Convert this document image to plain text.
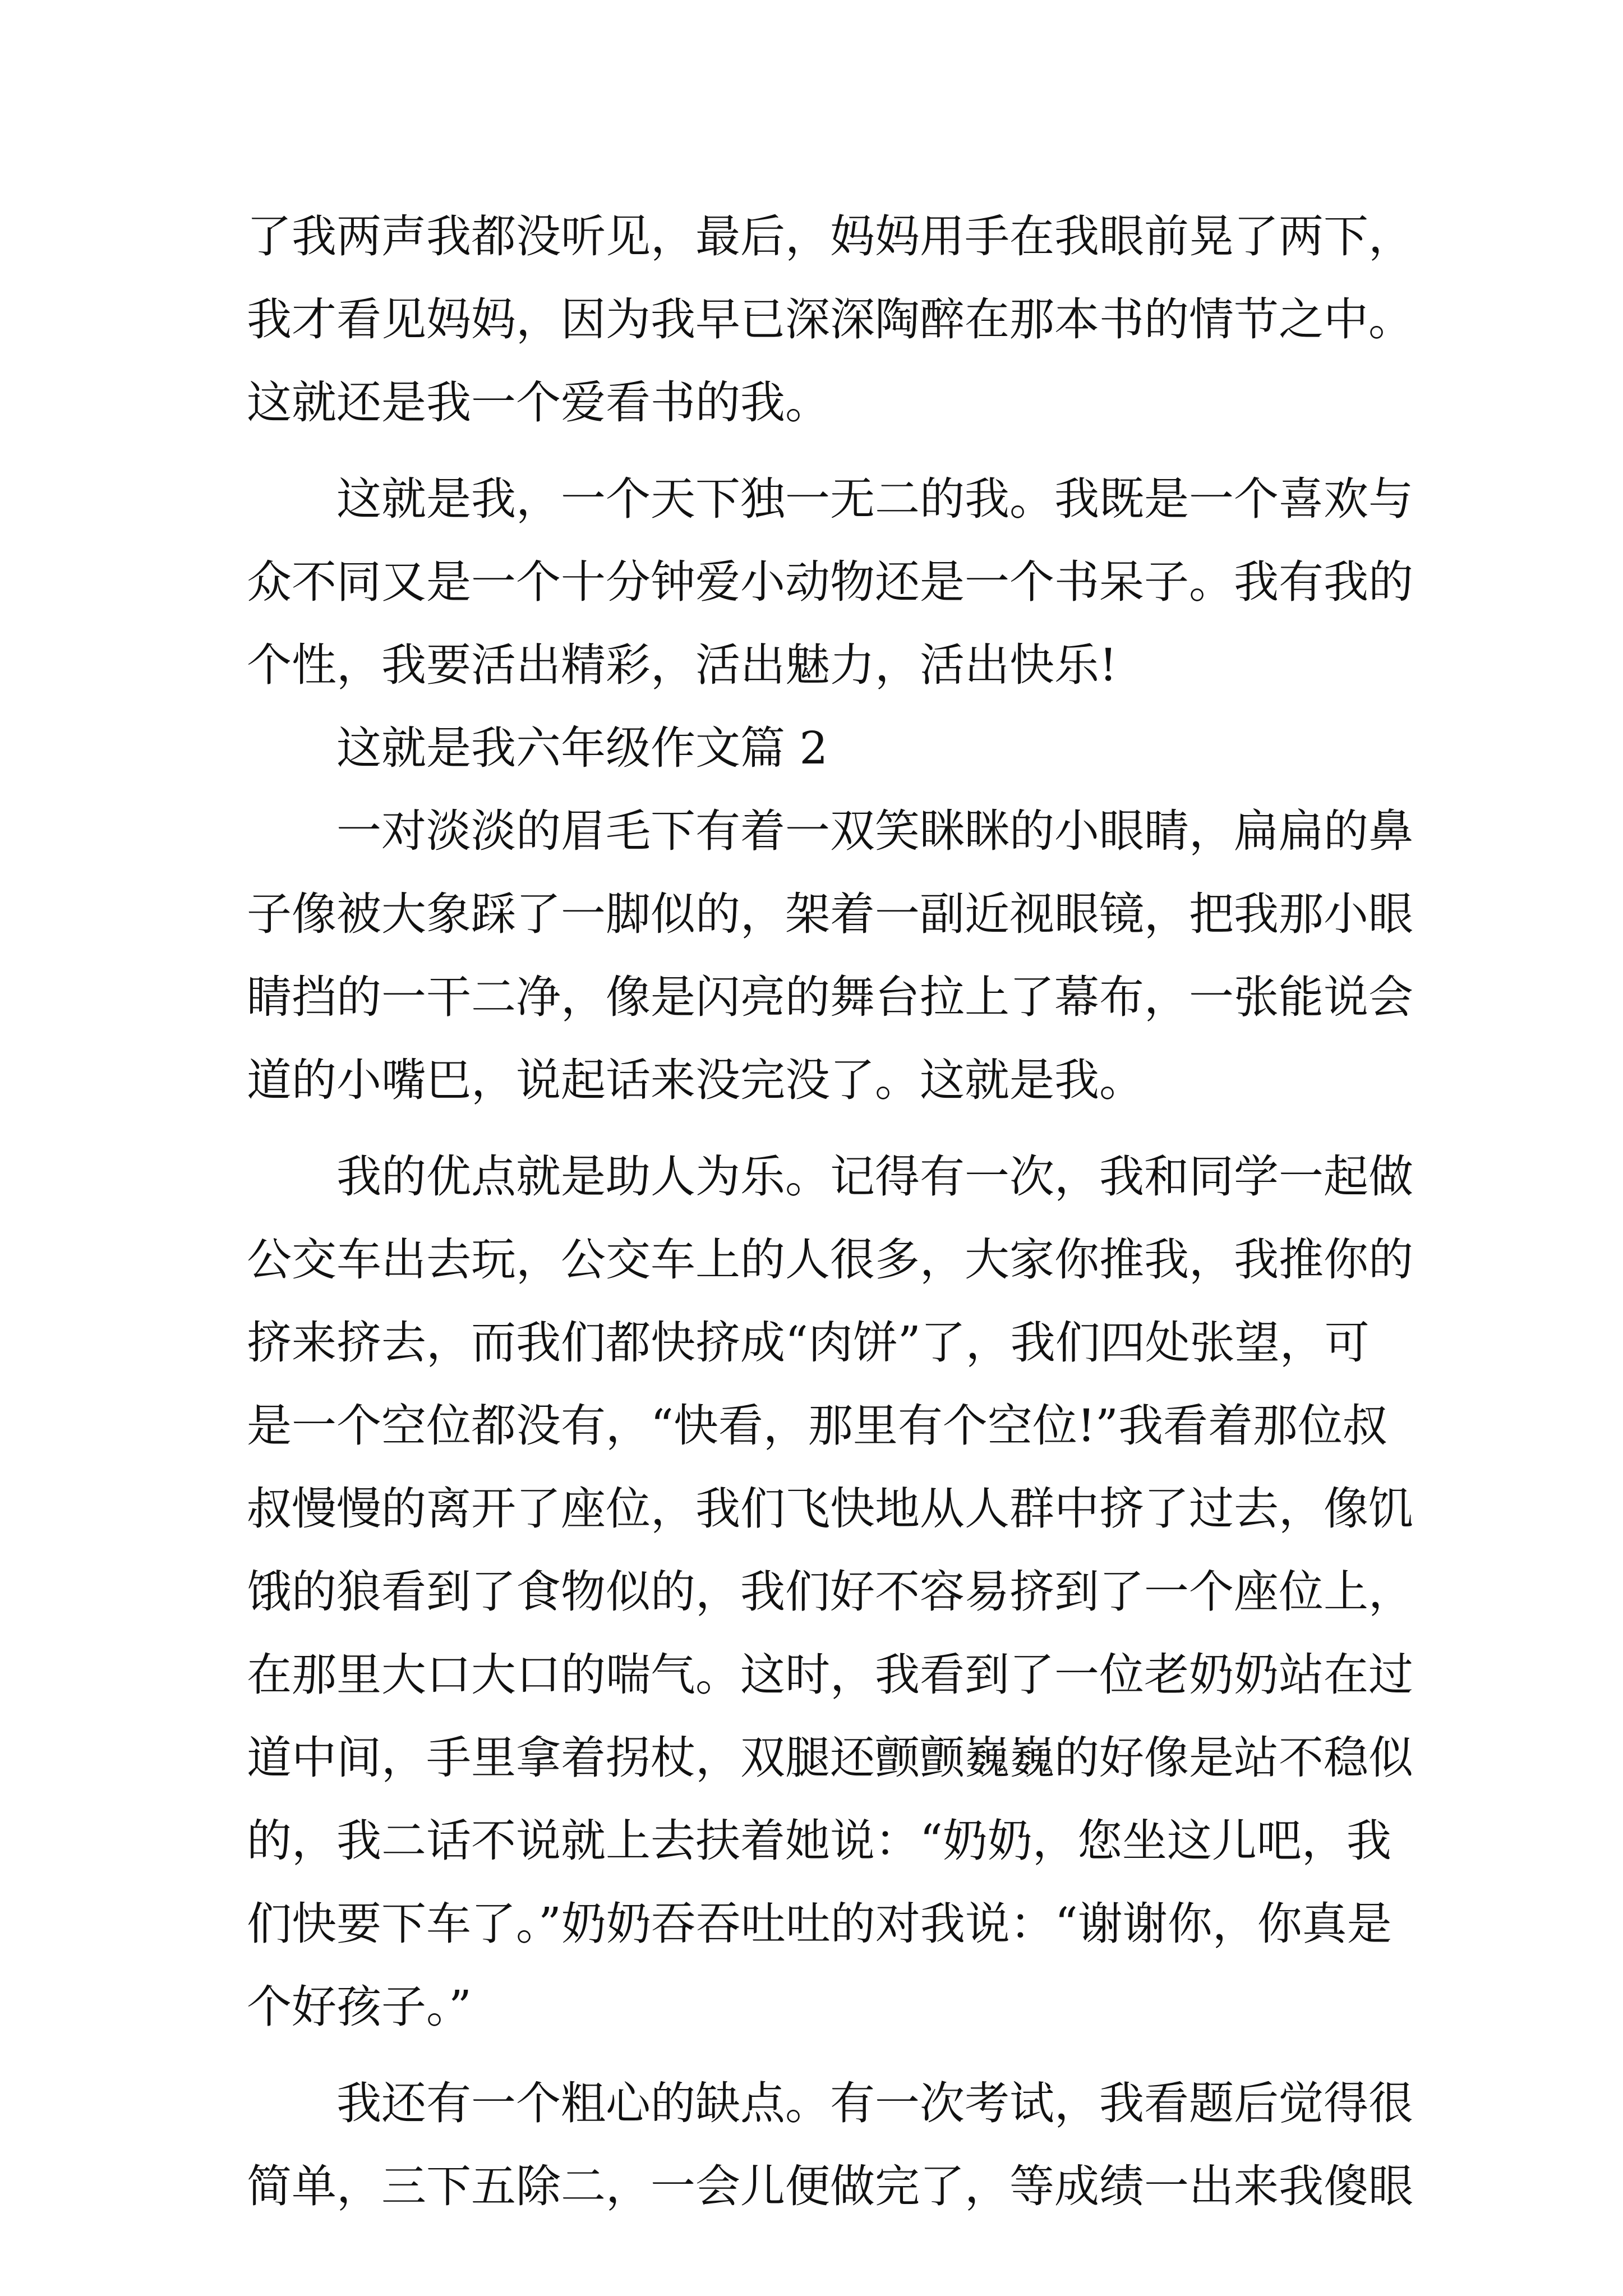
了我两声我都没听见，最后，妈妈用手在我眼前晃了两下，
我才看见妈妈，因为我早已深深陶醉在那本书的情节之中。
这就还是我一个爱看书的我。
这就是我，一个天下独一无二的我。我既是一个喜欢与
众不同又是一个十分钟爱小动物还是一个书呆子。我有我的
个性，我要活出精彩，活出魅力，活出快乐!
这就是我六年级作文篇 2
一对淡淡的眉毛下有着一双笑眯眯的小眼睛，扁扁的鼻
子像被大象踩了一脚似的，架着一副近视眼镜，把我那小眼
睛挡的一干二净，像是闪亮的舞台拉上了幕布，一张能说会
道的小嘴巴，说起话来没完没了。这就是我。
我的优点就是助人为乐。记得有一次，我和同学一起做
公交车出去玩，公交车上的人很多，大家你推我，我推你的
挤来挤去，而我们都快挤成“肉饼”了，我们四处张望，可
是一个空位都没有，“快看，那里有个空位!”我看着那位叔
叔慢慢的离开了座位，我们飞快地从人群中挤了过去，像饥
饿的狼看到了食物似的，我们好不容易挤到了一个座位上，
在那里大口大口的喘气。这时，我看到了一位老奶奶站在过
道中间，手里拿着拐杖，双腿还颤颤巍巍的好像是站不稳似
的，我二话不说就上去扶着她说：“奶奶，您坐这儿吧，我
们快要下车了。”奶奶吞吞吐吐的对我说：“谢谢你，你真是
个好孩子。”
我还有一个粗心的缺点。有一次考试，我看题后觉得很
简单，三下五除二，一会儿便做完了，等成绩一出来我傻眼
